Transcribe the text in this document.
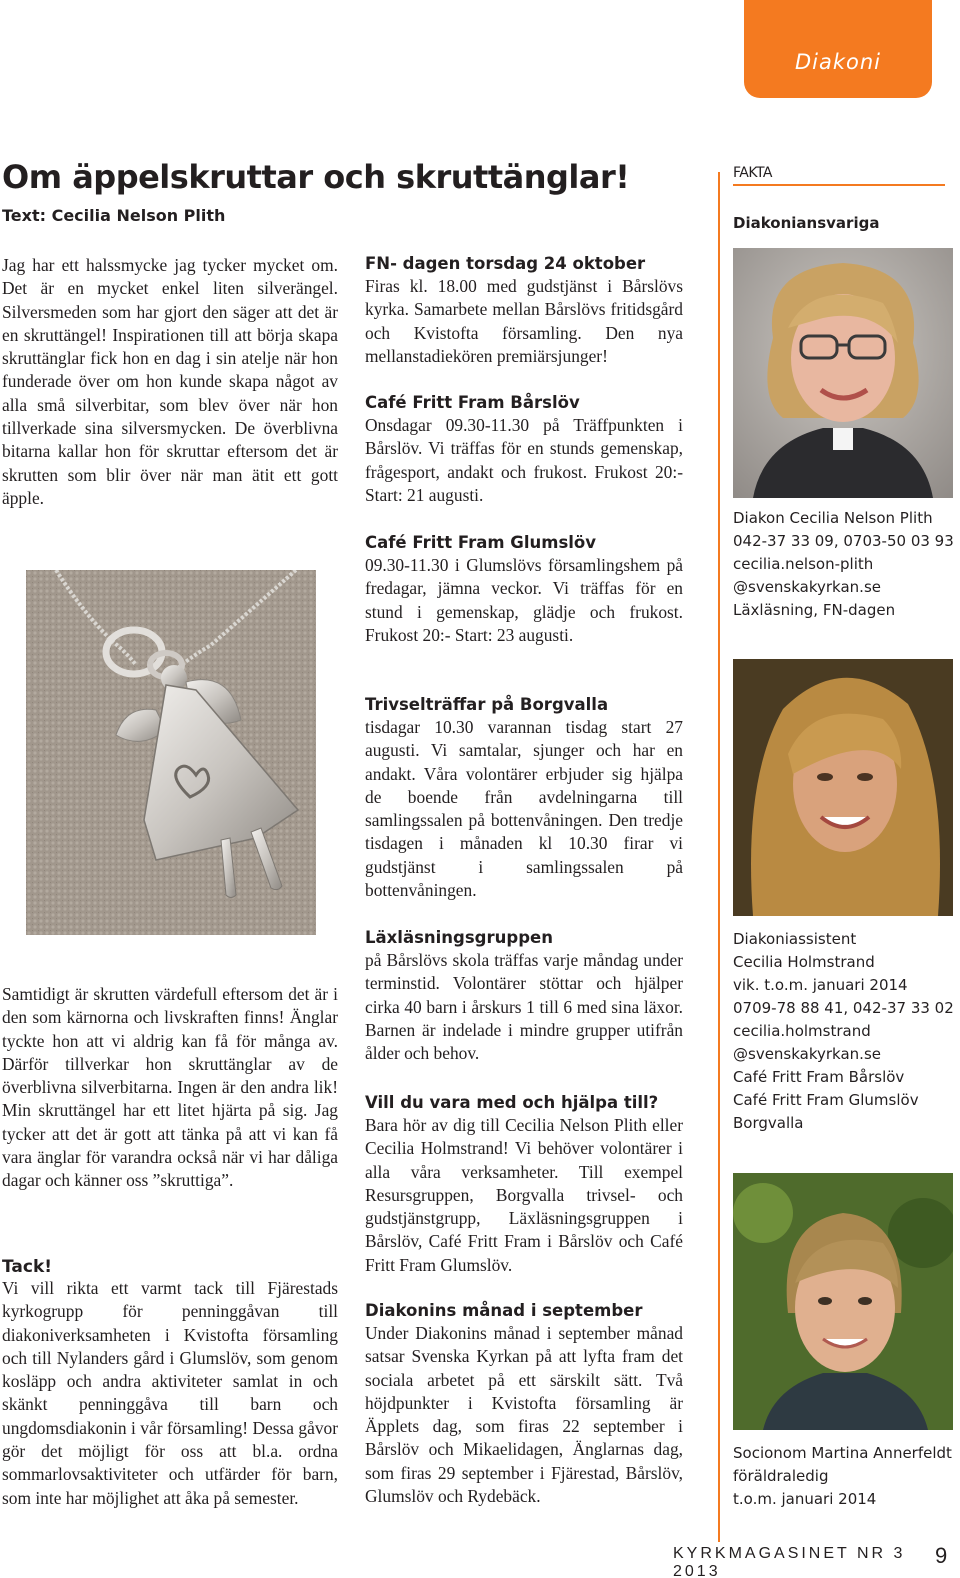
Diakoni
Om äppelskruttar och skruttänglar!
Text: Cecilia Nelson Plith

Jag har ett halssmycke jag tycker mycket om. Det är en mycket enkel liten silverängel. Silversmeden som har gjort den säger att det är en skruttängel! Inspirationen till att börja skapa skruttänglar fick hon en dag i sin atelje när hon funderade över om hon kunde skapa något av alla små silverbitar, som blev över när hon tillverkade sina silversmycken. De överblivna bitarna kallar hon för skruttar eftersom det är skrutten som blir över när man ätit ett gott äpple.

Samtidigt är skrutten värdefull eftersom det är i den som kärnorna och livskraften finns! Änglar tyckte hon att vi aldrig kan få för många av. Därför tillverkar hon skruttänglar av de överblivna silverbitarna. Ingen är den andra lik! Min skruttängel har ett litet hjärta på sig. Jag tycker att det är gott att tänka på att vi kan få vara änglar för varandra också när vi har dåliga dagar och känner oss ”skruttiga”.

Tack!

Vi vill rikta ett varmt tack till Fjärestads kyrkogrupp för penninggåvan till diakoniverksamheten i Kvistofta församling och till Nylanders gård i Glumslöv, som genom kosläpp och andra aktiviteter samlat in och skänkt penninggåva till barn och ungdomsdiakonin i vår församling! Dessa gåvor gör det möjligt för oss att bl.a. ordna sommarlovsaktiviteter och utfärder för barn, som inte har möjlighet att åka på semester.

FN- dagen torsdag 24 oktober

Firas kl. 18.00 med gudstjänst i Bårslövs kyrka. Samarbete mellan Bårslövs fritidsgård och Kvistofta församling. Den nya mellanstadiekören premiärsjunger!

Café Fritt Fram Bårslöv

Onsdagar 09.30-11.30 på Träffpunkten i Bårslöv. Vi träffas för en stunds gemenskap, frågesport, andakt och frukost. Frukost 20:- Start: 21 augusti.

Café Fritt Fram Glumslöv

09.30-11.30 i Glumslövs församlingshem på fredagar, jämna veckor. Vi träffas för en stund i gemenskap, glädje och frukost. Frukost 20:- Start: 23 augusti.

Trivselträffar på Borgvalla

tisdagar 10.30 varannan tisdag start 27 augusti. Vi samtalar, sjunger och har en andakt. Våra volontärer erbjuder sig hjälpa de boende från avdelningarna till samlingssalen på bottenvåningen. Den tredje tisdagen i månaden kl 10.30 firar vi gudstjänst i samlingssalen på bottenvåningen.

Läxläsningsgruppen

på Bårslövs skola träffas varje måndag under terminstid. Volontärer stöttar och hjälper cirka 40 barn i årskurs 1 till 6 med sina läxor. Barnen är indelade i mindre grupper utifrån ålder och behov.

Vill du vara med och hjälpa till?

Bara hör av dig till Cecilia Nelson Plith eller Cecilia Holmstrand! Vi behöver volontärer i alla våra verksamheter. Till exempel Resursgruppen, Borgvalla trivsel- och gudstjänstgrupp, Läxläsningsgruppen i Bårslöv, Café Fritt Fram i Bårslöv och Café Fritt Fram Glumslöv.

Diakonins månad i september

Under Diakonins månad i september månad satsar Svenska Kyrkan på att lyfta fram det sociala arbetet på ett särskilt sätt. Två höjdpunkter i Kvistofta församling är Äpplets dag, som firas 22 september i Bårslöv och Mikaelidagen, Änglarnas dag, som firas 29 september i Fjärestad, Bårslöv, Glumslöv och Rydebäck.

FAKTA
Diakoniansvariga
Diakon Cecilia Nelson Plith
042-37 33 09, 0703-50 03 93
cecilia.nelson-plith
@svenskakyrkan.se
Läxläsning, FN-dagen
Diakoniassistent
Cecilia Holmstrand
vik. t.o.m. januari 2014
0709-78 88 41, 042-37 33 02
cecilia.holmstrand
@svenskakyrkan.se
Café Fritt Fram Bårslöv
Café Fritt Fram Glumslöv
Borgvalla
Socionom Martina Annerfeldt
föräldraledig
t.o.m. januari 2014
KYRKMAGASINET NR 3 2013
9
